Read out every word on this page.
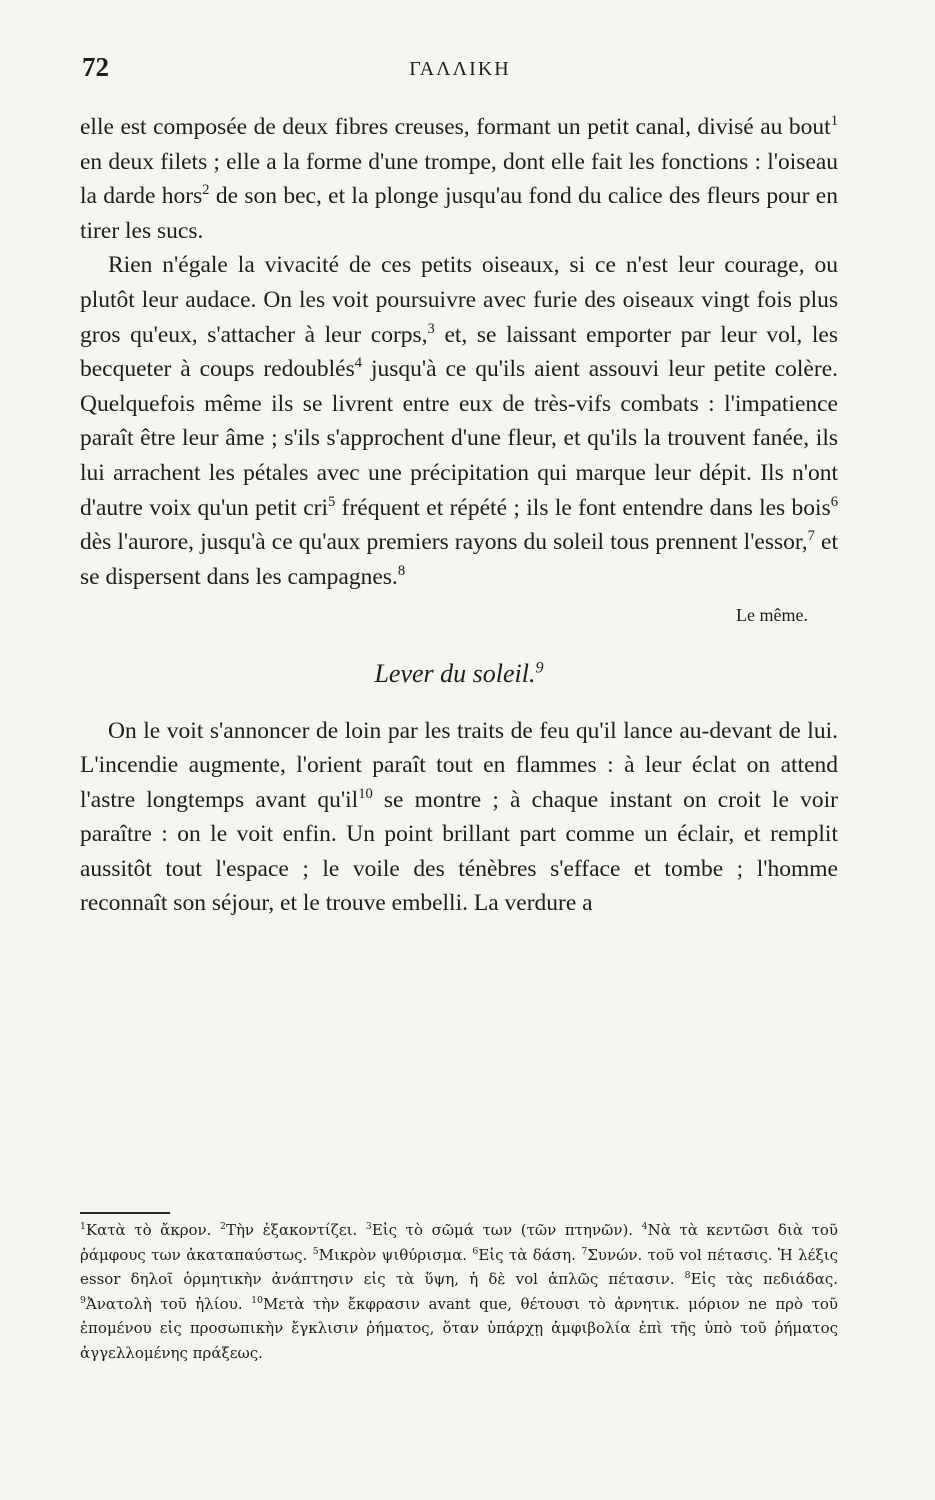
72	ΓΑΛΛΙΚΗ

elle est composée de deux fibres creuses, formant un petit canal, divisé au bout$^1$ en deux filets ; elle a la forme d'une trompe, dont elle fait les fonctions : l'oiseau la darde hors$^2$ de son bec, et la plonge jusqu'au fond du calice des fleurs pour en tirer les sucs.

Rien n'égale la vivacité de ces petits oiseaux, si ce n'est leur courage, ou plutôt leur audace. On les voit poursuivre avec furie des oiseaux vingt fois plus gros qu'eux, s'attacher à leur corps,$^3$ et, se laissant emporter par leur vol, les becqueter à coups redoublés$^4$ jusqu'à ce qu'ils aient assouvi leur petite colère. Quelquefois même ils se livrent entre eux de très-vifs combats : l'impatience paraît être leur âme ; s'ils s'approchent d'une fleur, et qu'ils la trouvent fanée, ils lui arrachent les pétales avec une précipitation qui marque leur dépit. Ils n'ont d'autre voix qu'un petit cri$^5$ fréquent et répété ; ils le font entendre dans les bois$^6$ dès l'aurore, jusqu'à ce qu'aux premiers rayons du soleil tous prennent l'essor,$^7$ et se dispersent dans les campagnes.$^8$

Le même.
Lever du soleil.$^9$

On le voit s'annoncer de loin par les traits de feu qu'il lance au-devant de lui. L'incendie augmente, l'orient paraît tout en flammes : à leur éclat on attend l'astre longtemps avant $qu'il^{10}$ se montre ; à chaque instant on croit le voir paraître : on le voit enfin. Un point brillant part comme un éclair, et remplit aussitôt tout l'espace ; le voile des ténèbres s'efface et tombe ; l'homme reconnaît son séjour, et le trouve embelli. La verdure a

$^1$Κατὰ τὸ ἄκρον. $^2$Τὴν ἐξακοντίζει. $^3$Εἰς τὸ σῶμά των (τῶν πτηνῶν). $^4$Νὰ τὰ κεντῶσι διὰ τοῦ ῥάμφους των ἀκαταπαύστως. $^5$Μικρὸν ψιθύρισμα. $^6$Εἰς τὰ δάση. $^7$Συνών. τοῦ vol πέτασις. Ἡ λέξις essor δηλοῖ ὁρμητικὴν ἀνάπτησιν εἰς τὰ ὕψη, ἡ δὲ vol ἁπλῶς πέτασιν. $^8$Εἰς τὰς πεδιάδας. $^9$Ἀνατολὴ τοῦ ἡλίου. $^{10}$Μετὰ τὴν ἔκφρασιν avant que, θέτουσι τὸ ἀρνητικ. μόριον ne πρὸ τοῦ ἑπομένου εἰς προσωπικὴν ἔγκλισιν ῥήματος, ὅταν ὑπάρχῃ ἀμφιβολία ἐπὶ τῆς ὑπὸ τοῦ ῥήματος ἀγγελλομένης πράξεως.
